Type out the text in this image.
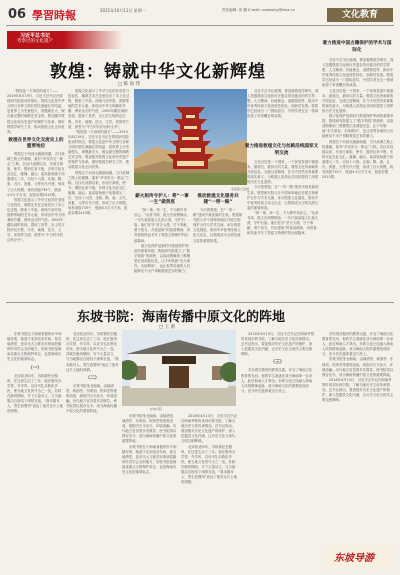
06 學習時報	2021年10月11日 星期一	责任编辑: 张 鹏 E-mail: xxsbwhjy@sina.cn	文化教育
习近平总书记
考察过的文化遗产
敦煌：铸就中华文化新辉煌
□ 陈 尚 伟
“敦煌是一片神奇的地方”——2019年8月19日，习近平总书记在敦煌研究院座谈时指出，敦煌文化是中华文明与各种文明长期交流融汇的结晶，是世界上历史最悠久、规模最宏大、保存最完整的佛教艺术宝库。要加强对敦煌文化和历史遗产的保护与传承，做好敦煌学研究工作，推动敦煌文化走向世界。
敦煌在世界文化交流史上的重要地位
敦煌位于河西走廊最西端，古代丝绸之路上的重镇，素有“华戎所交一都会”之称。自汉代设郡以来，东西方商旅、使节、僧侣往来不绝，多种文化在此交汇、碰撞、融合。莫高窟始凿于前秦建元二年，历经十六国、北朝、隋、唐、五代、西夏、元等历代兴建，形成了巨大规模，现有洞窟735个，壁画4.5万平方米、泥质彩塑2415尊。
敦煌文化展示了中华文化的开放性与包容性，佛教艺术在这里经历了本土化过程，吸收了中原、西域乃至印度、波斯等地的艺术元素，体现出中华文明兼收并蓄、博采众长的气度。1900年藏经洞的发现，震惊了世界，出土的文物涉及宗教、历史、地理、语言、文学、民族等方面，被誉为“中古时代的百科全书”。
敦煌文化展示了中华文化的开放性与包容性，佛教艺术在这里经历了本土化过程，吸收了中原、西域乃至印度、波斯等地的艺术元素，体现出中华文明兼收并蓄、博采众长的气度。1900年藏经洞的发现，震惊了世界，出土的文物涉及宗教、历史、地理、语言、文学、民族等方面，被誉为“中古时代的百科全书”。
“敦煌是一片神奇的地方”——2019年8月19日，习近平总书记在敦煌研究院座谈时指出，敦煌文化是中华文明与各种文明长期交流融汇的结晶，是世界上历史最悠久、规模最宏大、保存最完整的佛教艺术宝库。要加强对敦煌文化和历史遗产的保护与传承，做好敦煌学研究工作，推动敦煌文化走向世界。
敦煌位于河西走廊最西端，古代丝绸之路上的重镇，素有“华戎所交一都会”之称。自汉代设郡以来，东西方商旅、使节、僧侣往来不绝，多种文化在此交汇、碰撞、融合。莫高窟始凿于前秦建元二年，历经十六国、北朝、隋、唐、五代、西夏、元等历代兴建，形成了巨大规模，现有洞窟735个，壁画4.5万平方米、泥质彩塑2415尊。
莫高窟九层楼
薪火相传守护人：将“一事一生”做到底
“择一事，终一生，不为繁华易匠心。”从常书鸿、段文杰到樊锦诗，一代代莫高窟人扎根大漠，守护石窟。他们坚守“坚守大漠、甘于奉献、勇于担当、开拓进取”的莫高精神，用青春和热血书写了敦煌文物保护的壮丽篇章。
数字化保护是新时代敦煌保护利用的重要举措。敦煌研究院建立了“数字敦煌”资源库，以高清图像和三维模型记录洞窟信息，让千年壁画“永久保存、永续利用”，也让世界各地的人们能够足不出户领略敦煌艺术的魅力。
推动敦煌文化服务共建“一带一路”
今天的敦煌，在“一带一路”建设中焕发新的生机。敦煌研究院与多个国家和地区开展文物保护合作与学术交流，举办敦煌文化展览，推动中华优秀传统文化走出去，让敦煌成为文明交流互鉴的重要桥梁。
习近平总书记强调，要加强敦煌学研究，深入挖掘敦煌文化和历史遗存背后蕴含的哲学思想、人文精神、价值理念、道德规范等，推动中华优秀传统文化创造性转化、创新性发展。敦煌学已经成为一门国际显学，中国学者在这一领域取得了举世瞩目的成果。
着力推进敦煌文化与丝路沿线国家文明交流
文化自信是一个国家、一个民族发展中最基本、最深沉、最持久的力量。敦煌文化所承载的开放包容、交流互鉴精神，在今天仍然具有重要的现实意义，为构建人类命运共同体提供了深厚的历史文化滋养。
今天的敦煌，在“一带一路”建设中焕发新的生机。敦煌研究院与多个国家和地区开展文物保护合作与学术交流，举办敦煌文化展览，推动中华优秀传统文化走出去，让敦煌成为文明交流互鉴的重要桥梁。
“择一事，终一生，不为繁华易匠心。”从常书鸿、段文杰到樊锦诗，一代代莫高窟人扎根大漠，守护石窟。他们坚守“坚守大漠、甘于奉献、勇于担当、开拓进取”的莫高精神，用青春和热血书写了敦煌文物保护的壮丽篇章。
着力推进中国古籍保护的学术与国际化
习近平总书记强调，要加强敦煌学研究，深入挖掘敦煌文化和历史遗存背后蕴含的哲学思想、人文精神、价值理念、道德规范等，推动中华优秀传统文化创造性转化、创新性发展。敦煌学已经成为一门国际显学，中国学者在这一领域取得了举世瞩目的成果。
文化自信是一个国家、一个民族发展中最基本、最深沉、最持久的力量。敦煌文化所承载的开放包容、交流互鉴精神，在今天仍然具有重要的现实意义，为构建人类命运共同体提供了深厚的历史文化滋养。
数字化保护是新时代敦煌保护利用的重要举措。敦煌研究院建立了“数字敦煌”资源库，以高清图像和三维模型记录洞窟信息，让千年壁画“永久保存、永续利用”，也让世界各地的人们能够足不出户领略敦煌艺术的魅力。
敦煌位于河西走廊最西端，古代丝绸之路上的重镇，素有“华戎所交一都会”之称。自汉代设郡以来，东西方商旅、使节、僧侣往来不绝，多种文化在此交汇、碰撞、融合。莫高窟始凿于前秦建元二年，历经十六国、北朝、隋、唐、五代、西夏、元等历代兴建，形成了巨大规模，现有洞窟735个，壁画4.5万平方米、泥质彩塑2415尊。
东坡书院：海南传播中原文化的阵地
□ 王 蕾
东坡书院位于海南省儋州市中和镇东郊，始建于北宋绍圣年间，原名载酒堂，是宋代大文豪苏东坡谪居儋州时讲学会友的地方。东坡书院是海南省重点文物保护单位，也是海南历史文化的重要标志。
（一）
北宋绍圣四年，苏轼被贬至儋州，在这里生活了三年。他在儋州办学堂、介学风，以诗书礼乐教化乡民，使当地文化风气为之一变。苏轼在儋州期间，写下大量诗文，与当地黎汉百姓结下深厚友谊，“我本儋耳人，寄生西蜀州”表达了他对这片土地的深情。
北宋绍圣四年，苏轼被贬至儋州，在这里生活了三年。他在儋州办学堂、介学风，以诗书礼乐教化乡民，使当地文化风气为之一变。苏轼在儋州期间，写下大量诗文，与当地黎汉百姓结下深厚友谊，“我本儋耳人，寄生西蜀州”表达了他对这片土地的深情。
（二）
东坡书院坐北朝南，由载酒堂、载酒亭、东坡祠、钦帅堂等建筑组成，庭院内古木参天，环境清幽。历代地方官员曾多次修葺，使书院得以保存至今，成为海南传播中原文化的重要阵地。
东坡书院
东坡书院坐北朝南，由载酒堂、载酒亭、东坡祠、钦帅堂等建筑组成，庭院内古木参天，环境清幽。历代地方官员曾多次修葺，使书院得以保存至今，成为海南传播中原文化的重要阵地。
东坡书院位于海南省儋州市中和镇东郊，始建于北宋绍圣年间，原名载酒堂，是宋代大文豪苏东坡谪居儋州时讲学会友的地方。东坡书院是海南省重点文物保护单位，也是海南历史文化的重要标志。
2018年4月13日，习近平总书记在海南考察时来到东坡书院，了解当地历史文化传承情况。总书记指出，要加强对历史文化遗产的保护，深入挖掘其文化内涵，让历史文化与现代文明交相辉映。
北宋绍圣四年，苏轼被贬至儋州，在这里生活了三年。他在儋州办学堂、介学风，以诗书礼乐教化乡民，使当地文化风气为之一变。苏轼在儋州期间，写下大量诗文，与当地黎汉百姓结下深厚友谊，“我本儋耳人，寄生西蜀州”表达了他对这片土地的深情。
2018年4月13日，习近平总书记在海南考察时来到东坡书院，了解当地历史文化传承情况。总书记指出，要加强对历史文化遗产的保护，深入挖掘其文化内涵，让历史文化与现代文明交相辉映。
（三）
苏东坡在儋州的教育实践，开启了海南文化教育的先河。他的学生姜唐佐成为海南第一位举人，此后海南人才辈出。东坡文化已经融入海南人民的精神血脉，成为海南文化的重要组成部分，至今仍在滋养着这片热土。
苏东坡在儋州的教育实践，开启了海南文化教育的先河。他的学生姜唐佐成为海南第一位举人，此后海南人才辈出。东坡文化已经融入海南人民的精神血脉，成为海南文化的重要组成部分，至今仍在滋养着这片热土。
东坡书院坐北朝南，由载酒堂、载酒亭、东坡祠、钦帅堂等建筑组成，庭院内古木参天，环境清幽。历代地方官员曾多次修葺，使书院得以保存至今，成为海南传播中原文化的重要阵地。
2018年4月13日，习近平总书记在海南考察时来到东坡书院，了解当地历史文化传承情况。总书记指出，要加强对历史文化遗产的保护，深入挖掘其文化内涵，让历史文化与现代文明交相辉映。
东坡导游
